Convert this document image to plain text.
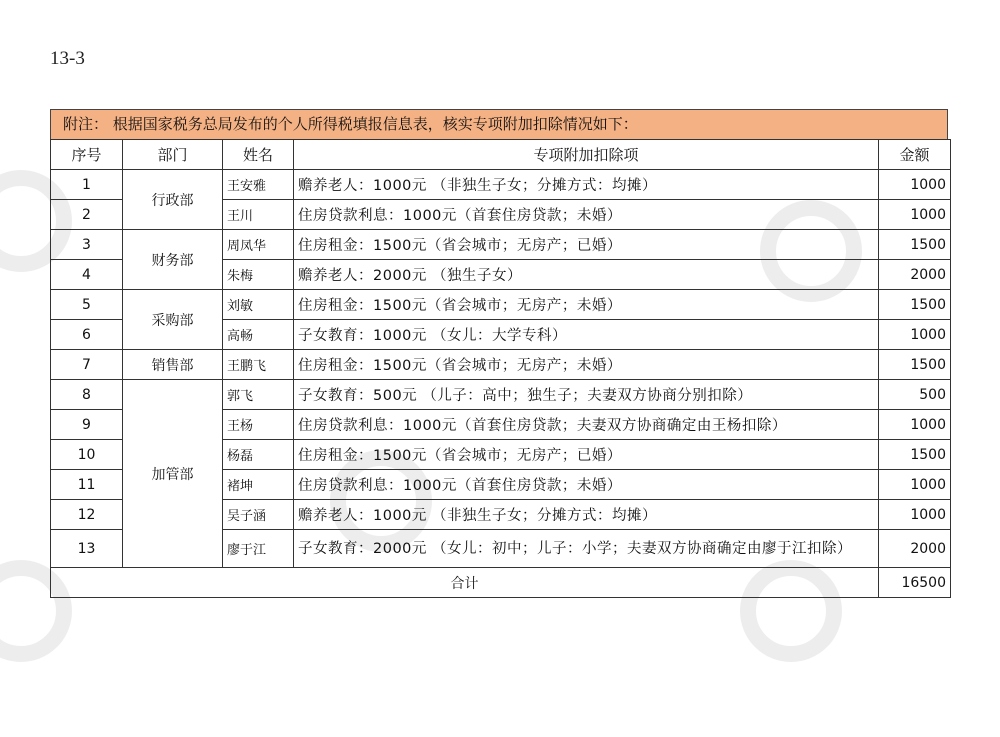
13-3
附注： 根据国家税务总局发布的个人所得税填报信息表，核实专项附加扣除情况如下：
序号	部门	姓名	专项附加扣除项	金额
1	行政部	王安雅	赡养老人：1000元 （非独生子女；分摊方式：均摊）	1000
2		王川	住房贷款利息：1000元（首套住房贷款；未婚）	1000
3	财务部	周凤华	住房租金：1500元（省会城市；无房产；已婚）	1500
4		朱梅	赡养老人：2000元 （独生子女）	2000
5	采购部	刘敏	住房租金：1500元（省会城市；无房产；未婚）	1500
6		高畅	子女教育：1000元 （女儿：大学专科）	1000
7	销售部	王鹏飞	住房租金：1500元（省会城市；无房产；未婚）	1500
8	加管部	郭飞	子女教育：500元 （儿子：高中；独生子；夫妻双方协商分别扣除）	500
9		王杨	住房贷款利息：1000元（首套住房贷款；夫妻双方协商确定由王杨扣除）	1000
10		杨磊	住房租金：1500元（省会城市；无房产；已婚）	1500
11		褚坤	住房贷款利息：1000元（首套住房贷款；未婚）	1000
12		吴子涵	赡养老人：1000元 （非独生子女；分摊方式：均摊）	1000
13		廖于江	子女教育：2000元 （女儿：初中；儿子：小学；夫妻双方协商确定由廖于江扣除）	2000
合计				16500
